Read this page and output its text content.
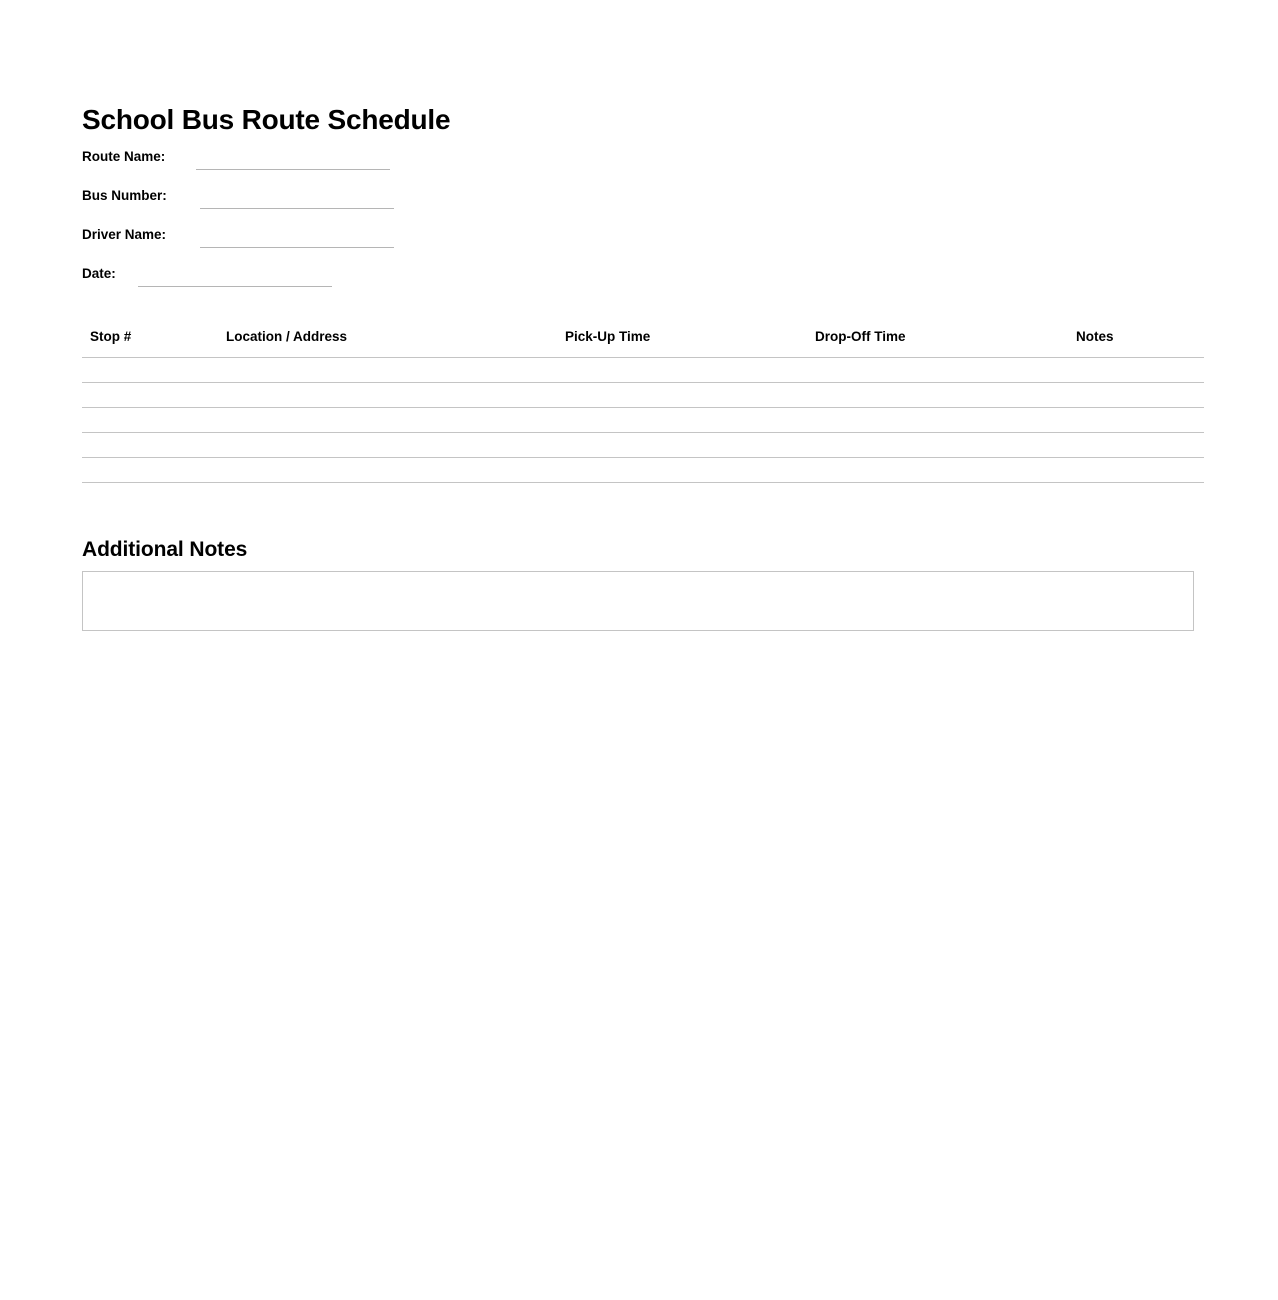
School Bus Route Schedule
Route Name:
Bus Number:
Driver Name:
Date:
Stop #	Location / Address	Pick-Up Time	Drop-Off Time	Notes

Additional Notes
